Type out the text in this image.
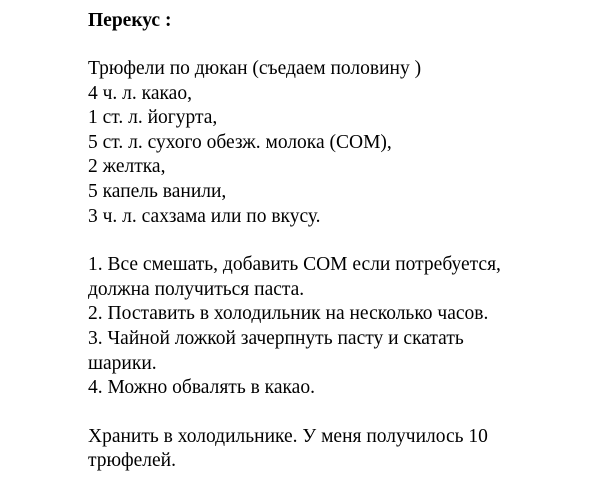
Перекус :
Трюфели по дюкан (съедаем половину )
4 ч. л. какао,
1 ст. л. йогурта,
5 ст. л. сухого обезж. молока (СОМ),
2 желтка,
5 капель ванили,
3 ч. л. сахзама или по вкусу.
1. Все смешать, добавить СОМ если потребуется,
должна получиться паста.
2. Поставить в холодильник на несколько часов.
3. Чайной ложкой зачерпнуть пасту и скатать
шарики.
4. Можно обвалять в какао.
Хранить в холодильнике. У меня получилось 10
трюфелей.
